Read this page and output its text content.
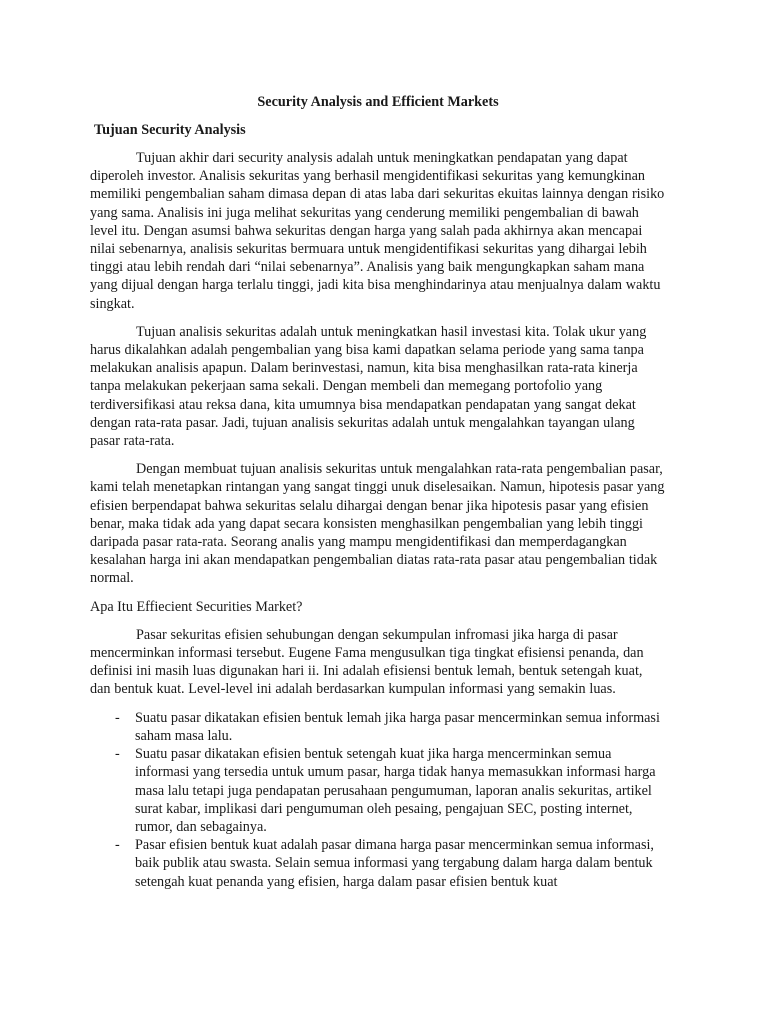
Security Analysis and Efficient Markets
Tujuan Security Analysis

Tujuan akhir dari security analysis adalah untuk meningkatkan pendapatan yang dapat diperoleh investor. Analisis sekuritas yang berhasil mengidentifikasi sekuritas yang kemungkinan memiliki pengembalian saham dimasa depan di atas laba dari sekuritas ekuitas lainnya dengan risiko yang sama. Analisis ini juga melihat sekuritas yang cenderung memiliki pengembalian di bawah level itu. Dengan asumsi bahwa sekuritas dengan harga yang salah pada akhirnya akan mencapai nilai sebenarnya, analisis sekuritas bermuara untuk mengidentifikasi sekuritas yang dihargai lebih tinggi atau lebih rendah dari “nilai sebenarnya”. Analisis yang baik mengungkapkan saham mana yang dijual dengan harga terlalu tinggi, jadi kita bisa menghindarinya atau menjualnya dalam waktu singkat.

Tujuan analisis sekuritas adalah untuk meningkatkan hasil investasi kita. Tolak ukur yang harus dikalahkan adalah pengembalian yang bisa kami dapatkan selama periode yang sama tanpa melakukan analisis apapun. Dalam berinvestasi, namun, kita bisa menghasilkan rata-rata kinerja tanpa melakukan pekerjaan sama sekali. Dengan membeli dan memegang portofolio yang terdiversifikasi atau reksa dana, kita umumnya bisa mendapatkan pendapatan yang sangat dekat dengan rata-rata pasar. Jadi, tujuan analisis sekuritas adalah untuk mengalahkan tayangan ulang pasar rata-rata.

Dengan membuat tujuan analisis sekuritas untuk mengalahkan rata-rata pengembalian pasar, kami telah menetapkan rintangan yang sangat tinggi unuk diselesaikan. Namun, hipotesis pasar yang efisien berpendapat bahwa sekuritas selalu dihargai dengan benar jika hipotesis pasar yang efisien benar, maka tidak ada yang dapat secara konsisten menghasilkan pengembalian yang lebih tinggi daripada pasar rata-rata. Seorang analis yang mampu mengidentifikasi dan memperdagangkan kesalahan harga ini akan mendapatkan pengembalian diatas rata-rata pasar atau pengembalian tidak normal.

Apa Itu Effiecient Securities Market?

Pasar sekuritas efisien sehubungan dengan sekumpulan infromasi jika harga di pasar mencerminkan informasi tersebut. Eugene Fama mengusulkan tiga tingkat efisiensi penanda, dan definisi ini masih luas digunakan hari ii. Ini adalah efisiensi bentuk lemah, bentuk setengah kuat, dan bentuk kuat. Level-level ini adalah berdasarkan kumpulan informasi yang semakin luas.

- Suatu pasar dikatakan efisien bentuk lemah jika harga pasar mencerminkan semua informasi saham masa lalu.
- Suatu pasar dikatakan efisien bentuk setengah kuat jika harga mencerminkan semua informasi yang tersedia untuk umum pasar, harga tidak hanya memasukkan informasi harga masa lalu tetapi juga pendapatan perusahaan pengumuman, laporan analis sekuritas, artikel surat kabar, implikasi dari pengumuman oleh pesaing, pengajuan SEC, posting internet, rumor, dan sebagainya.
- Pasar efisien bentuk kuat adalah pasar dimana harga pasar mencerminkan semua informasi, baik publik atau swasta. Selain semua informasi yang tergabung dalam harga dalam bentuk setengah kuat penanda yang efisien, harga dalam pasar efisien bentuk kuat
